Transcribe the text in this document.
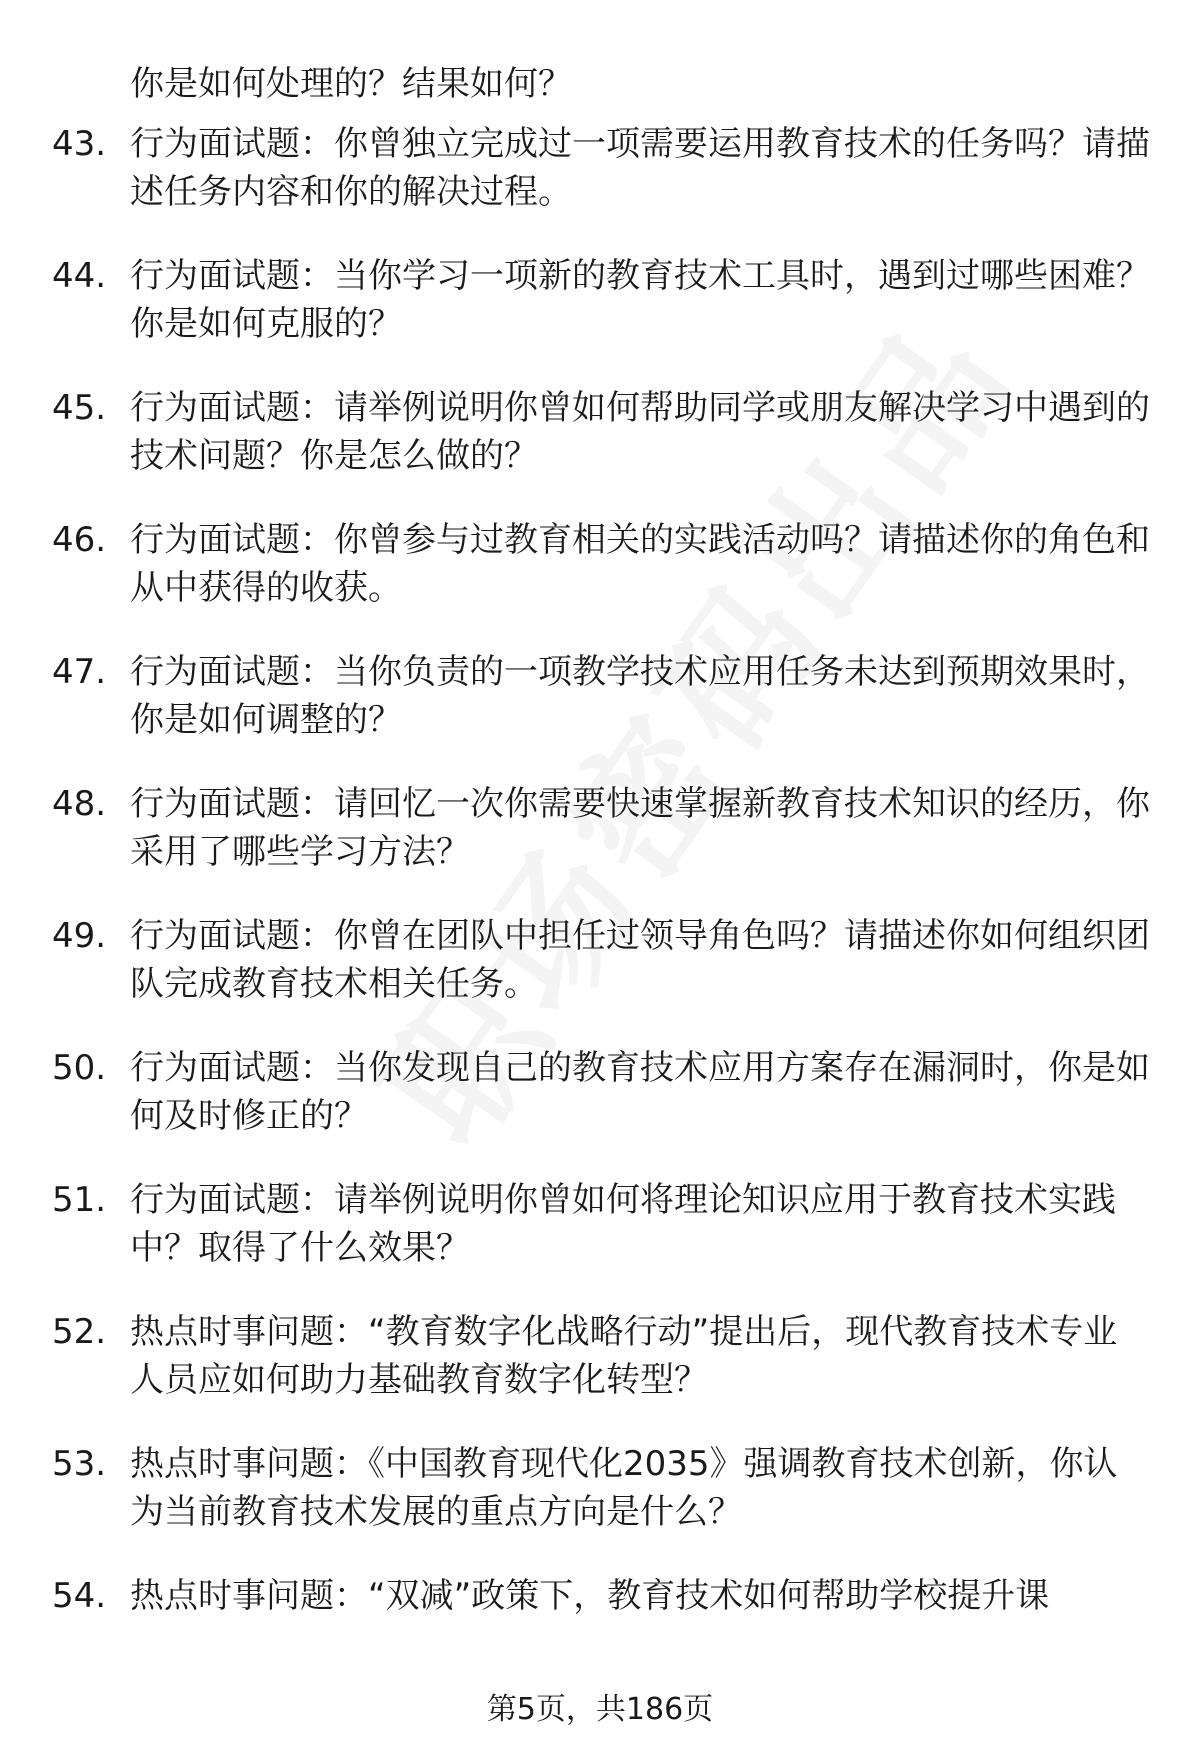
你是如何处理的？结果如何？
43. 行为面试题：你曾独立完成过一项需要运用教育技术的任务吗？请描述任务内容和你的解决过程。
44. 行为面试题：当你学习一项新的教育技术工具时，遇到过哪些困难？你是如何克服的？
45. 行为面试题：请举例说明你曾如何帮助同学或朋友解决学习中遇到的技术问题？你是怎么做的？
46. 行为面试题：你曾参与过教育相关的实践活动吗？请描述你的角色和从中获得的收获。
47. 行为面试题：当你负责的一项教学技术应用任务未达到预期效果时，你是如何调整的？
48. 行为面试题：请回忆一次你需要快速掌握新教育技术知识的经历，你采用了哪些学习方法？
49. 行为面试题：你曾在团队中担任过领导角色吗？请描述你如何组织团队完成教育技术相关任务。
50. 行为面试题：当你发现自己的教育技术应用方案存在漏洞时，你是如何及时修正的？
51. 行为面试题：请举例说明你曾如何将理论知识应用于教育技术实践中？取得了什么效果？
52. 热点时事问题：“教育数字化战略行动”提出后，现代教育技术专业人员应如何助力基础教育数字化转型？
53. 热点时事问题：《中国教育现代化2035》强调教育技术创新，你认为当前教育技术发展的重点方向是什么？
54. 热点时事问题：“双减”政策下，教育技术如何帮助学校提升课
第5页，共186页
